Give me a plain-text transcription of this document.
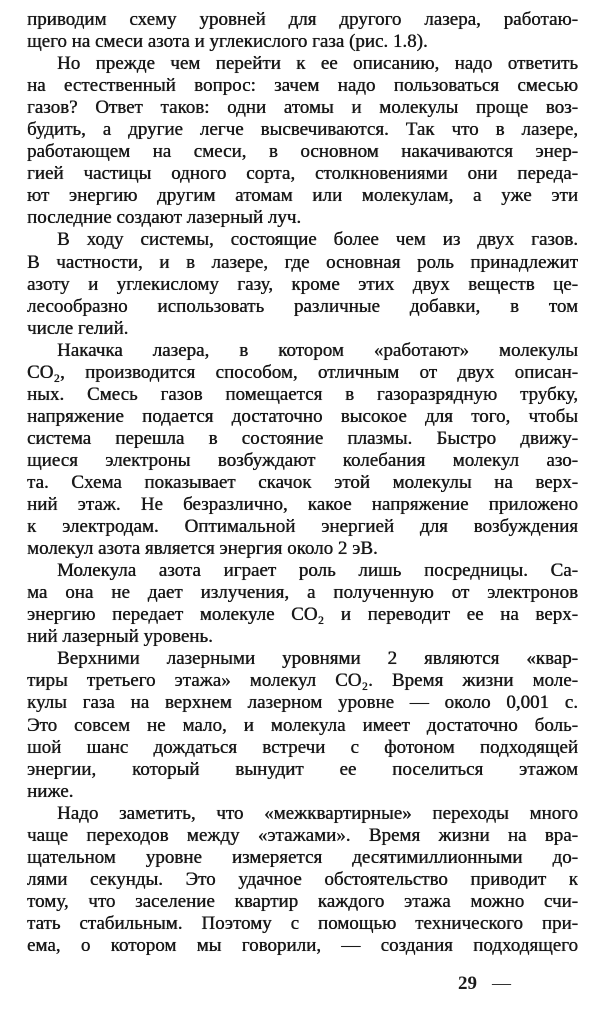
приводим схему уровней для другого лазера, работаю-
щего на смеси азота и углекислого газа (рис. 1.8).
Но прежде чем перейти к ее описанию, надо ответить
на естественный вопрос: зачем надо пользоваться смесью
газов? Ответ таков: одни атомы и молекулы проще воз-
будить, а другие легче высвечиваются. Так что в лазере,
работающем на смеси, в основном накачиваются энер-
гией частицы одного сорта, столкновениями они переда-
ют энергию другим атомам или молекулам, а уже эти
последние создают лазерный луч.
В ходу системы, состоящие более чем из двух газов.
В частности, и в лазере, где основная роль принадлежит
азоту и углекислому газу, кроме этих двух веществ це-
лесообразно использовать различные добавки, в том
числе гелий.
Накачка лазера, в котором «работают» молекулы
CO₂, производится способом, отличным от двух описан-
ных. Смесь газов помещается в газоразрядную трубку,
напряжение подается достаточно высокое для того, чтобы
система перешла в состояние плазмы. Быстро движу-
щиеся электроны возбуждают колебания молекул азо-
та. Схема показывает скачок этой молекулы на верх-
ний этаж. Не безразлично, какое напряжение приложено
к электродам. Оптимальной энергией для возбуждения
молекул азота является энергия около 2 эВ.
Молекула азота играет роль лишь посредницы. Са-
ма она не дает излучения, а полученную от электронов
энергию передает молекуле CO₂ и переводит ее на верх-
ний лазерный уровень.
Верхними лазерными уровнями 2 являются «квар-
тиры третьего этажа» молекул CO₂. Время жизни моле-
кулы газа на верхнем лазерном уровне — около 0,001 с.
Это совсем не мало, и молекула имеет достаточно боль-
шой шанс дождаться встречи с фотоном подходящей
энергии, который вынудит ее поселиться этажом
ниже.
Надо заметить, что «межквартирные» переходы много
чаще переходов между «этажами». Время жизни на вра-
щательном уровне измеряется десятимиллионными до-
лями секунды. Это удачное обстоятельство приводит к
тому, что заселение квартир каждого этажа можно счи-
тать стабильным. Поэтому с помощью технического при-
ема, о котором мы говорили, — создания подходящего
29 —
